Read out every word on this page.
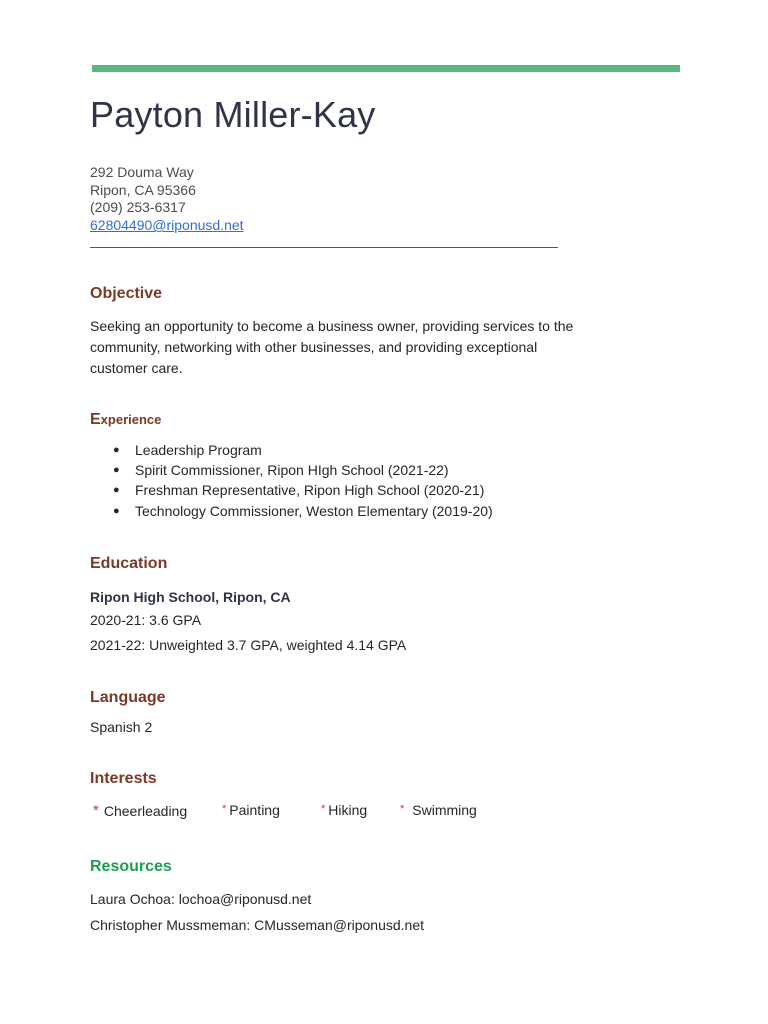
Payton Miller-Kay
292 Douma Way
Ripon, CA 95366
(209) 253-6317
62804490@riponusd.net
Objective
Seeking an opportunity to become a business owner, providing services to the community, networking with other businesses, and providing exceptional customer care.
Experience
● Leadership Program
● Spirit Commissioner, Ripon HIgh School (2021-22)
● Freshman Representative, Ripon High School (2020-21)
● Technology Commissioner, Weston Elementary (2019-20)
Education
Ripon High School, Ripon, CA
2020-21: 3.6 GPA
2021-22: Unweighted 3.7 GPA, weighted 4.14 GPA
Language
Spanish 2
Interests
* Cheerleading	* Painting	* Hiking	* Swimming
Resources
Laura Ochoa: lochoa@riponusd.net
Christopher Mussmeman: CMusseman@riponusd.net
